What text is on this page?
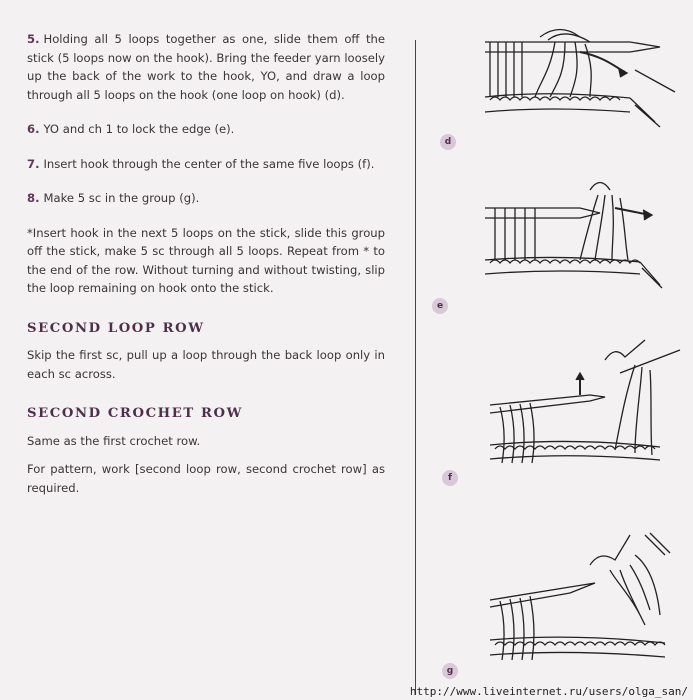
5. Holding all 5 loops together as one, slide them off the stick (5 loops now on the hook). Bring the feeder yarn loosely up the back of the work to the hook, YO, and draw a loop through all 5 loops on the hook (one loop on hook) (d).

6. YO and ch 1 to lock the edge (e).

7. Insert hook through the center of the same five loops (f).

8. Make 5 sc in the group (g).

*Insert hook in the next 5 loops on the stick, slide this group off the stick, make 5 sc through all 5 loops. Repeat from * to the end of the row. Without turning and without twisting, slip the loop remaining on hook onto the stick.

SECOND LOOP ROW

Skip the first sc, pull up a loop through the back loop only in each sc across.

SECOND CROCHET ROW

Same as the first crochet row.

For pattern, work [second loop row, second crochet row] as required.

d
e
f
g
http://www.liveinternet.ru/users/olga_san/
